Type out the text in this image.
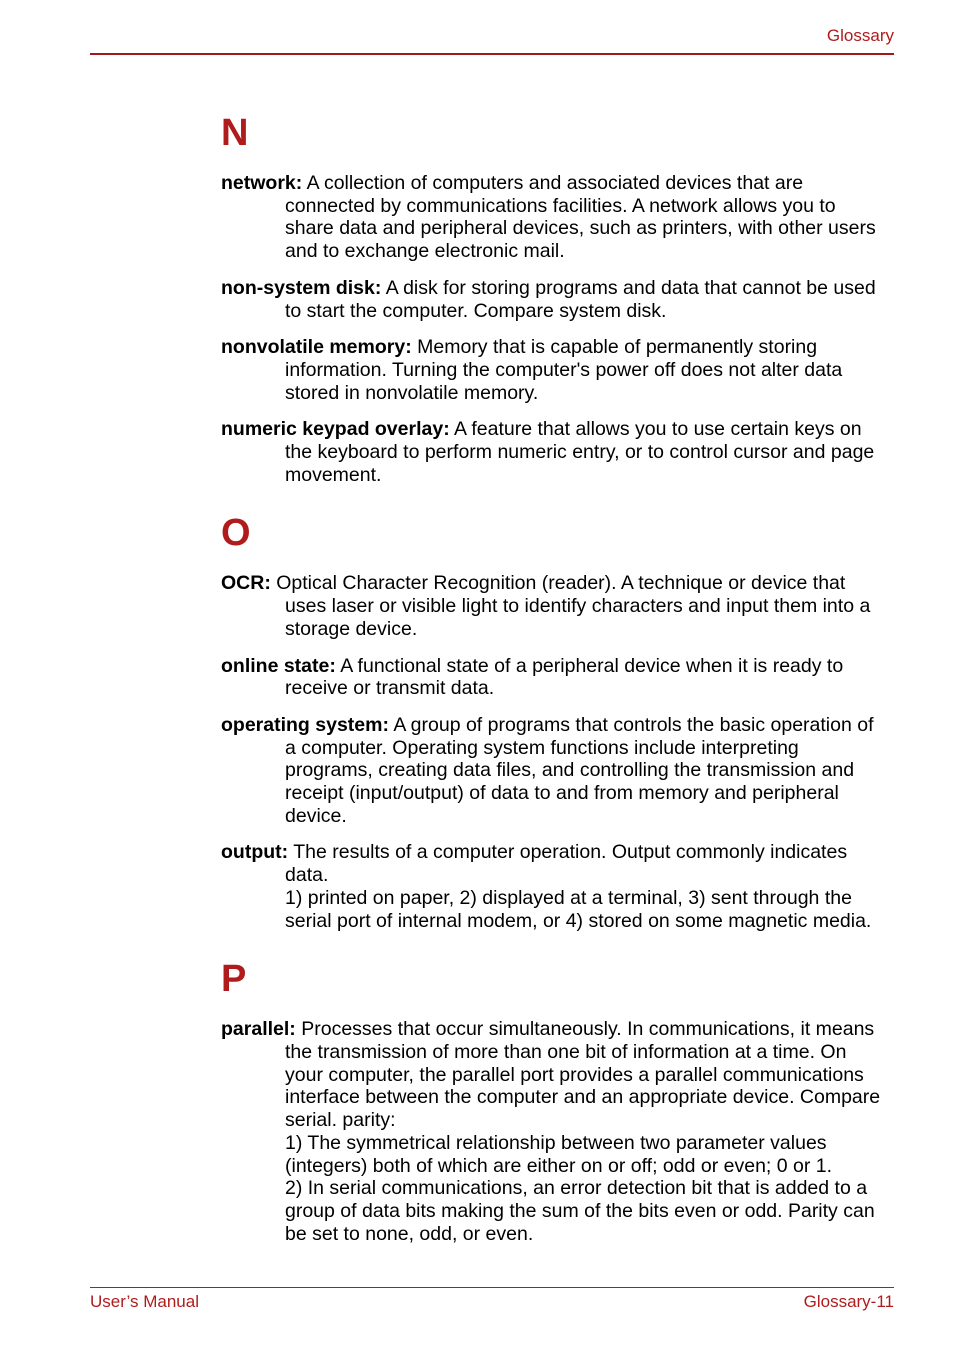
Glossary
N
network: A collection of computers and associated devices that are connected by communications facilities. A network allows you to share data and peripheral devices, such as printers, with other users and to exchange electronic mail.
non-system disk: A disk for storing programs and data that cannot be used to start the computer. Compare system disk.
nonvolatile memory: Memory that is capable of permanently storing information. Turning the computer's power off does not alter data stored in nonvolatile memory.
numeric keypad overlay: A feature that allows you to use certain keys on the keyboard to perform numeric entry, or to control cursor and page movement.
O
OCR: Optical Character Recognition (reader). A technique or device that uses laser or visible light to identify characters and input them into a storage device.
online state: A functional state of a peripheral device when it is ready to receive or transmit data.
operating system: A group of programs that controls the basic operation of a computer. Operating system functions include interpreting programs, creating data files, and controlling the transmission and receipt (input/output) of data to and from memory and peripheral device.
output: The results of a computer operation. Output commonly indicates data.
1) printed on paper, 2) displayed at a terminal, 3) sent through the serial port of internal modem, or 4) stored on some magnetic media.
P
parallel: Processes that occur simultaneously. In communications, it means the transmission of more than one bit of information at a time. On your computer, the parallel port provides a parallel communications interface between the computer and an appropriate device. Compare serial. parity:
1) The symmetrical relationship between two parameter values (integers) both of which are either on or off; odd or even; 0 or 1.
2) In serial communications, an error detection bit that is added to a group of data bits making the sum of the bits even or odd. Parity can be set to none, odd, or even.
User’s Manual	Glossary-11
